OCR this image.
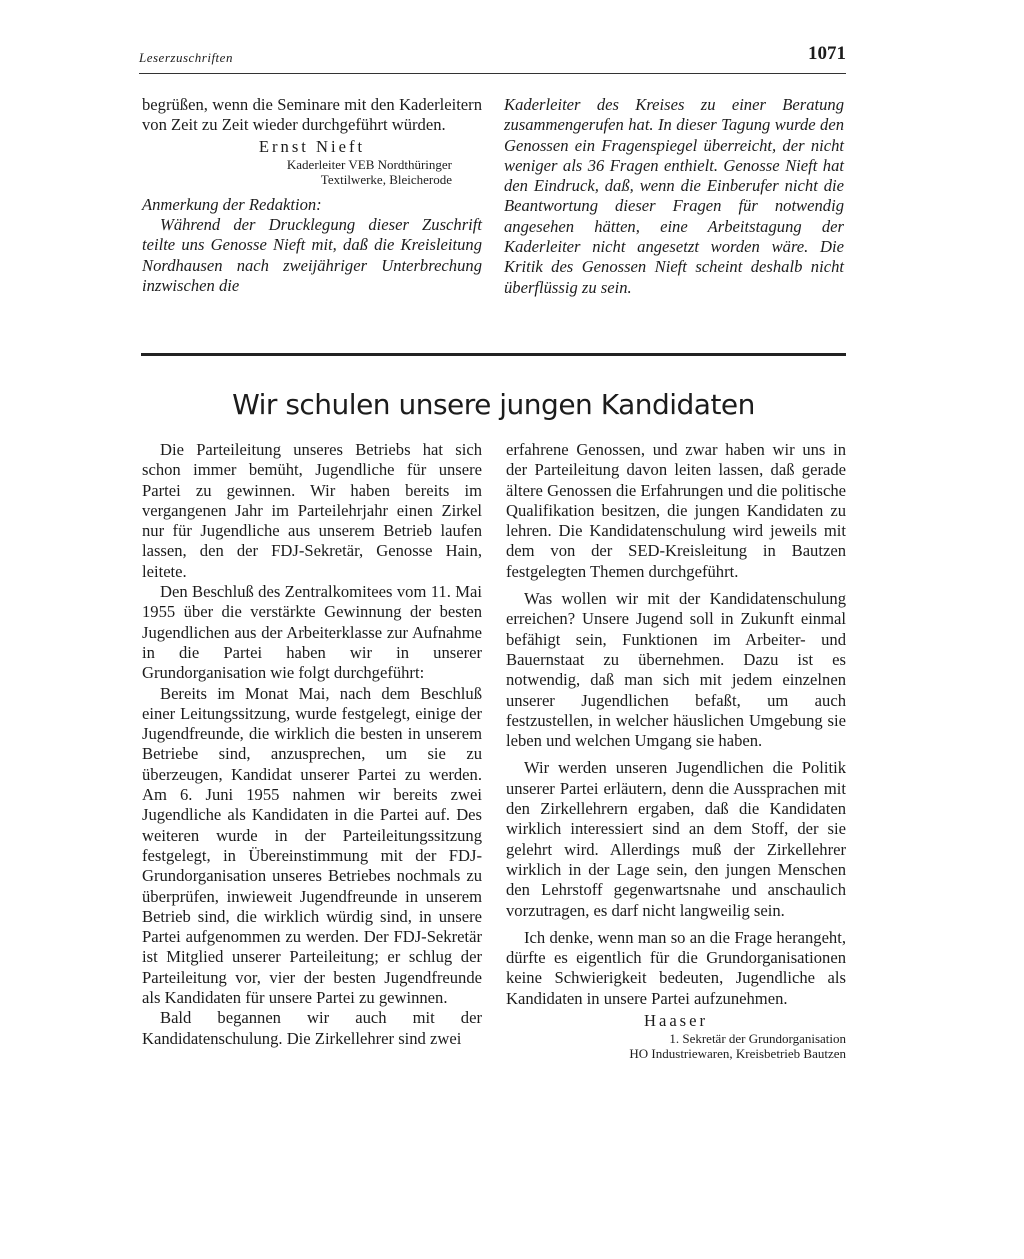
Leserzuschriften	1071

begrüßen, wenn die Seminare mit den Kaderleitern von Zeit zu Zeit wieder durchgeführt würden.

Ernst Nieft
Kaderleiter VEB Nordthüringer
Textilwerke, Bleicherode
Anmerkung der Redaktion:

Während der Drucklegung dieser Zuschrift teilte uns Genosse Nieft mit, daß die Kreisleitung Nordhausen nach zweijähriger Unterbrechung inzwischen die

Kaderleiter des Kreises zu einer Beratung zusammengerufen hat. In dieser Tagung wurde den Genossen ein Fragenspiegel überreicht, der nicht weniger als 36 Fragen enthielt. Genosse Nieft hat den Eindruck, daß, wenn die Einberufer nicht die Beantwortung dieser Fragen für notwendig angesehen hätten, eine Arbeitstagung der Kaderleiter nicht angesetzt worden wäre. Die Kritik des Genossen Nieft scheint deshalb nicht überflüssig zu sein.

Wir schulen unsere jungen Kandidaten

Die Parteileitung unseres Betriebs hat sich schon immer bemüht, Jugendliche für unsere Partei zu gewinnen. Wir haben bereits im vergangenen Jahr im Parteilehrjahr einen Zirkel nur für Jugendliche aus unserem Betrieb laufen lassen, den der FDJ-Sekretär, Genosse Hain, leitete.

Den Beschluß des Zentralkomitees vom 11. Mai 1955 über die verstärkte Gewinnung der besten Jugendlichen aus der Arbeiterklasse zur Aufnahme in die Partei haben wir in unserer Grundorganisation wie folgt durchgeführt:

Bereits im Monat Mai, nach dem Beschluß einer Leitungssitzung, wurde festgelegt, einige der Jugendfreunde, die wirklich die besten in unserem Betriebe sind, anzusprechen, um sie zu überzeugen, Kandidat unserer Partei zu werden. Am 6. Juni 1955 nahmen wir bereits zwei Jugendliche als Kandidaten in die Partei auf. Des weiteren wurde in der Parteileitungssitzung festgelegt, in Übereinstimmung mit der FDJ-Grundorganisation unseres Betriebes nochmals zu überprüfen, inwieweit Jugendfreunde in unserem Betrieb sind, die wirklich würdig sind, in unsere Partei aufgenommen zu werden. Der FDJ-Sekretär ist Mitglied unserer Parteileitung; er schlug der Parteileitung vor, vier der besten Jugendfreunde als Kandidaten für unsere Partei zu gewinnen.

Bald begannen wir auch mit der Kandidatenschulung. Die Zirkellehrer sind zwei

erfahrene Genossen, und zwar haben wir uns in der Parteileitung davon leiten lassen, daß gerade ältere Genossen die Erfahrungen und die politische Qualifikation besitzen, die jungen Kandidaten zu lehren. Die Kandidatenschulung wird jeweils mit dem von der SED-Kreisleitung in Bautzen festgelegten Themen durchgeführt.

Was wollen wir mit der Kandidatenschulung erreichen? Unsere Jugend soll in Zukunft einmal befähigt sein, Funktionen im Arbeiter- und Bauernstaat zu übernehmen. Dazu ist es notwendig, daß man sich mit jedem einzelnen unserer Jugendlichen befaßt, um auch festzustellen, in welcher häuslichen Umgebung sie leben und welchen Umgang sie haben.

Wir werden unseren Jugendlichen die Politik unserer Partei erläutern, denn die Aussprachen mit den Zirkellehrern ergaben, daß die Kandidaten wirklich interessiert sind an dem Stoff, der sie gelehrt wird. Allerdings muß der Zirkellehrer wirklich in der Lage sein, den jungen Menschen den Lehrstoff gegenwartsnahe und anschaulich vorzutragen, es darf nicht langweilig sein.

Ich denke, wenn man so an die Frage herangeht, dürfte es eigentlich für die Grundorganisationen keine Schwierigkeit bedeuten, Jugendliche als Kandidaten in unsere Partei aufzunehmen.

Haaser
1. Sekretär der Grundorganisation
HO Industriewaren, Kreisbetrieb Bautzen
